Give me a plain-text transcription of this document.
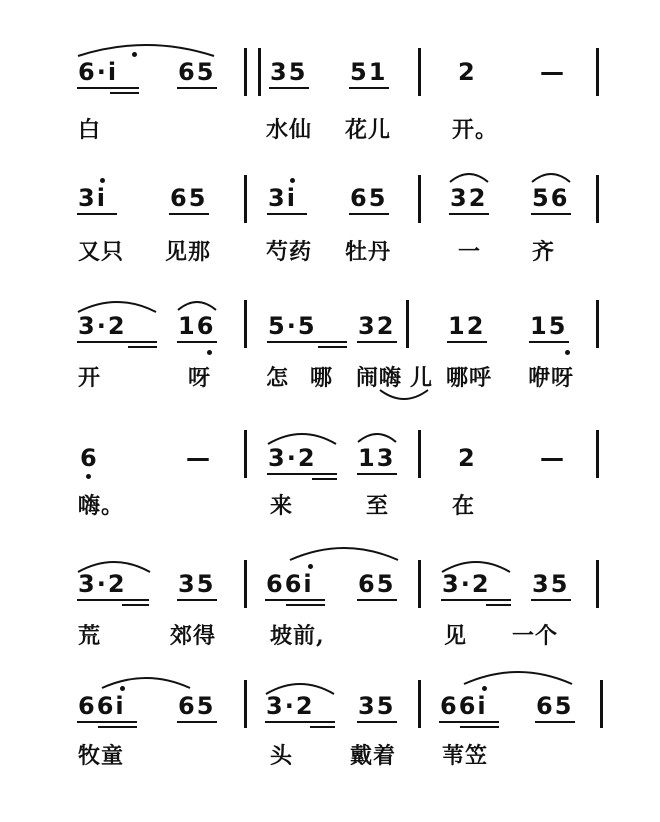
6·i 65 35 51	2	—
白	水仙 花儿	开。
3i	65	3i 65	32 56
又只 见那 芍药 牡丹	一 齐
3·2 16 5·5 32 12 15
开	呀 怎 哪 闹嗨 儿 哪呼 咿呀
6	— 3·2 13	2	—
嗨。	来	至	在
3·2 35 66i 65 3·2 35
荒	郊得 坡前,	见 一个
66i 65 3·2 35 66i 65
牧童	头	戴着 苇笠
